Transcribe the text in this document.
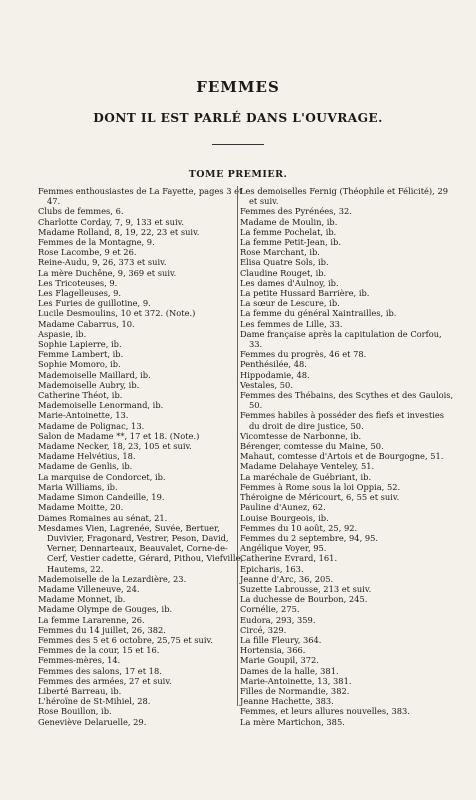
FEMMES
DONT IL EST PARLÉ DANS L'OUVRAGE.
TOME PREMIER.
Femmes enthousiastes de La Fayette, pages 3 et 47.
Clubs de femmes, 6.
Charlotte Corday, 7, 9, 133 et suiv.
Madame Rolland, 8, 19, 22, 23 et suiv.
Femmes de la Montagne, 9.
Rose Lacombe, 9 et 26.
Reine-Audu, 9, 26, 373 et suiv.
La mère Duchêne, 9, 369 et suiv.
Les Tricoteuses, 9.
Les Flagelleuses, 9.
Les Furies de guillotine, 9.
Lucile Desmoulins, 10 et 372. (Note.)
Madame Cabarrus, 10.
Aspasie, ib.
Sophie Lapierre, ib.
Femme Lambert, ib.
Sophie Momoro, ib.
Mademoiselle Maillard, ib.
Mademoiselle Aubry, ib.
Catherine Théot, ib.
Mademoiselle Lenormand, ib.
Marie-Antoinette, 13.
Madame de Polignac, 13.
Salon de Madame **, 17 et 18. (Note.)
Madame Necker, 18, 23, 105 et suiv.
Madame Helvétius, 18.
Madame de Genlis, ib.
La marquise de Condorcet, ib.
Maria Williams, ib.
Madame Simon Candeille, 19.
Madame Moitte, 20.
Dames Romaines au sénat, 21.
Mesdames Vien, Lagrenée, Suvée, Bertuer, Duvivier, Fragonard, Vestrer, Peson, David, Verner, Dennarteaux, Beauvalet, Corne-de-Cerf, Vestier cadette, Gérard, Pithou, Viefville, Hautems, 22.
Mademoiselle de la Lezardière, 23.
Madame Villeneuve, 24.
Madame Monnet, ib.
Madame Olympe de Gouges, ib.
La femme Lararenne, 26.
Femmes du 14 juillet, 26, 382.
Femmes des 5 et 6 octobre, 25,75 et suiv.
Femmes de la cour, 15 et 16.
Femmes-mères, 14.
Femmes des salons, 17 et 18.
Femmes des armées, 27 et suiv.
Liberté Barreau, ib.
L'héroïne de St-Mihiel, 28.
Rose Bouillon, ib.
Geneviève Delaruelle, 29.
Les demoiselles Fernig (Théophile et Félicité), 29 et suiv.
Femmes des Pyrénées, 32.
Madame de Moulin, ib.
La femme Pochelat, ib.
La femme Petit-Jean, ib.
Rose Marchant, ib.
Elisa Quatre Sols, ib.
Claudine Rouget, ib.
Les dames d'Aulnoy, ib.
La petite Hussard Barrière, ib.
La sœur de Lescure, ib.
La femme du général Xaintrailles, ib.
Les femmes de Lille, 33.
Dame française après la capitulation de Corfou, 33.
Femmes du progrès, 46 et 78.
Penthésilée, 48.
Hippodamie, 48.
Vestales, 50.
Femmes des Thébains, des Scythes et des Gaulois, 50.
Femmes habiles à posséder des fiefs et investies du droit de dire justice, 50.
Vicomtesse de Narbonne, ib.
Bérenger, comtesse du Maine, 50.
Mahaut, comtesse d'Artois et de Bourgogne, 51.
Madame Delahaye Venteley, 51.
La maréchale de Guébriant, ib.
Femmes à Rome sous la loi Oppia, 52.
Théroigne de Méricourt, 6, 55 et suiv.
Pauline d'Aunez, 62.
Louise Bourgeois, ib.
Femmes du 10 août, 25, 92.
Femmes du 2 septembre, 94, 95.
Angélique Voyer, 95.
Catherine Evrard, 161.
Epicharis, 163.
Jeanne d'Arc, 36, 205.
Suzette Labrousse, 213 et suiv.
La duchesse de Bourbon, 245.
Cornélie, 275.
Eudora, 293, 359.
Circé, 329.
La fille Fleury, 364.
Hortensia, 366.
Marie Goupil, 372.
Dames de la halle, 381.
Marie-Antoinette, 13, 381.
Filles de Normandie, 382.
Jeanne Hachette, 383.
Femmes, et leurs allures nouvelles, 383.
La mère Martichon, 385.
